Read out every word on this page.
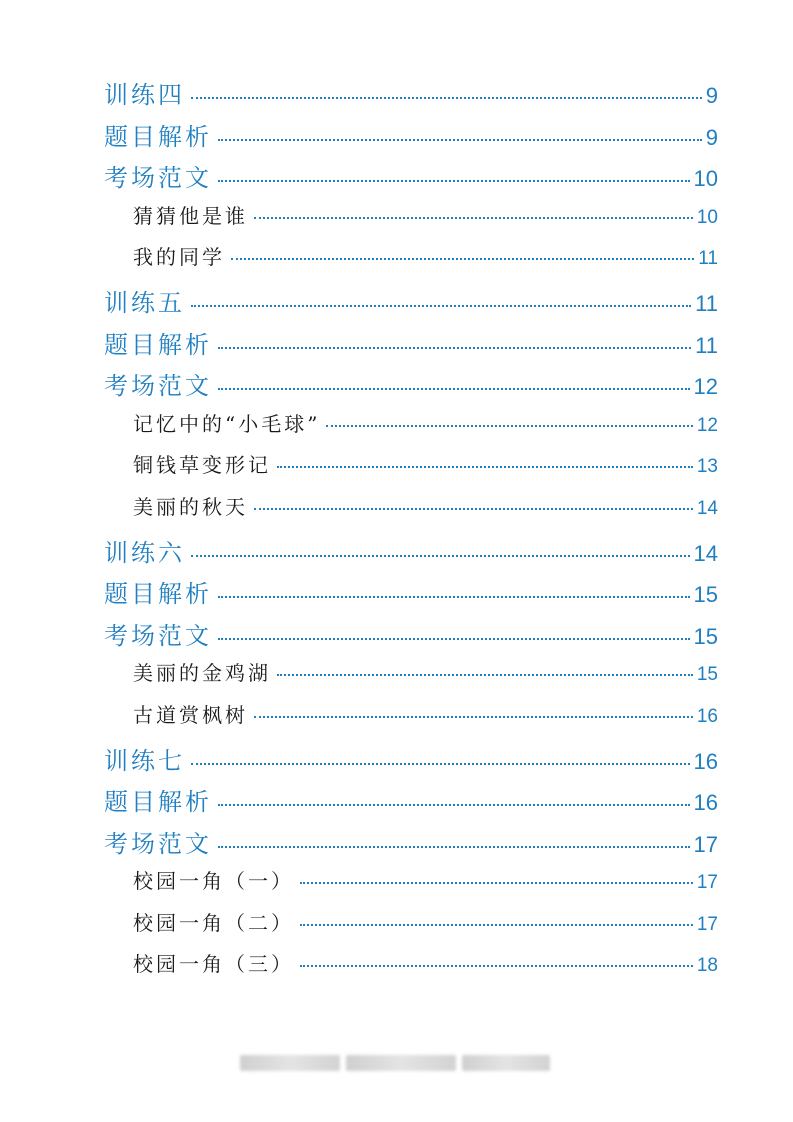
训练四	9
题目解析	9
考场范文	10
猜猜他是谁	10
我的同学	11
训练五	11
题目解析	11
考场范文	12
记忆中的“小毛球”	12
铜钱草变形记	13
美丽的秋天	14
训练六	14
题目解析	15
考场范文	15
美丽的金鸡湖	15
古道赏枫树	16
训练七	16
题目解析	16
考场范文	17
校园一角（一）	17
校园一角（二）	17
校园一角（三）	18
